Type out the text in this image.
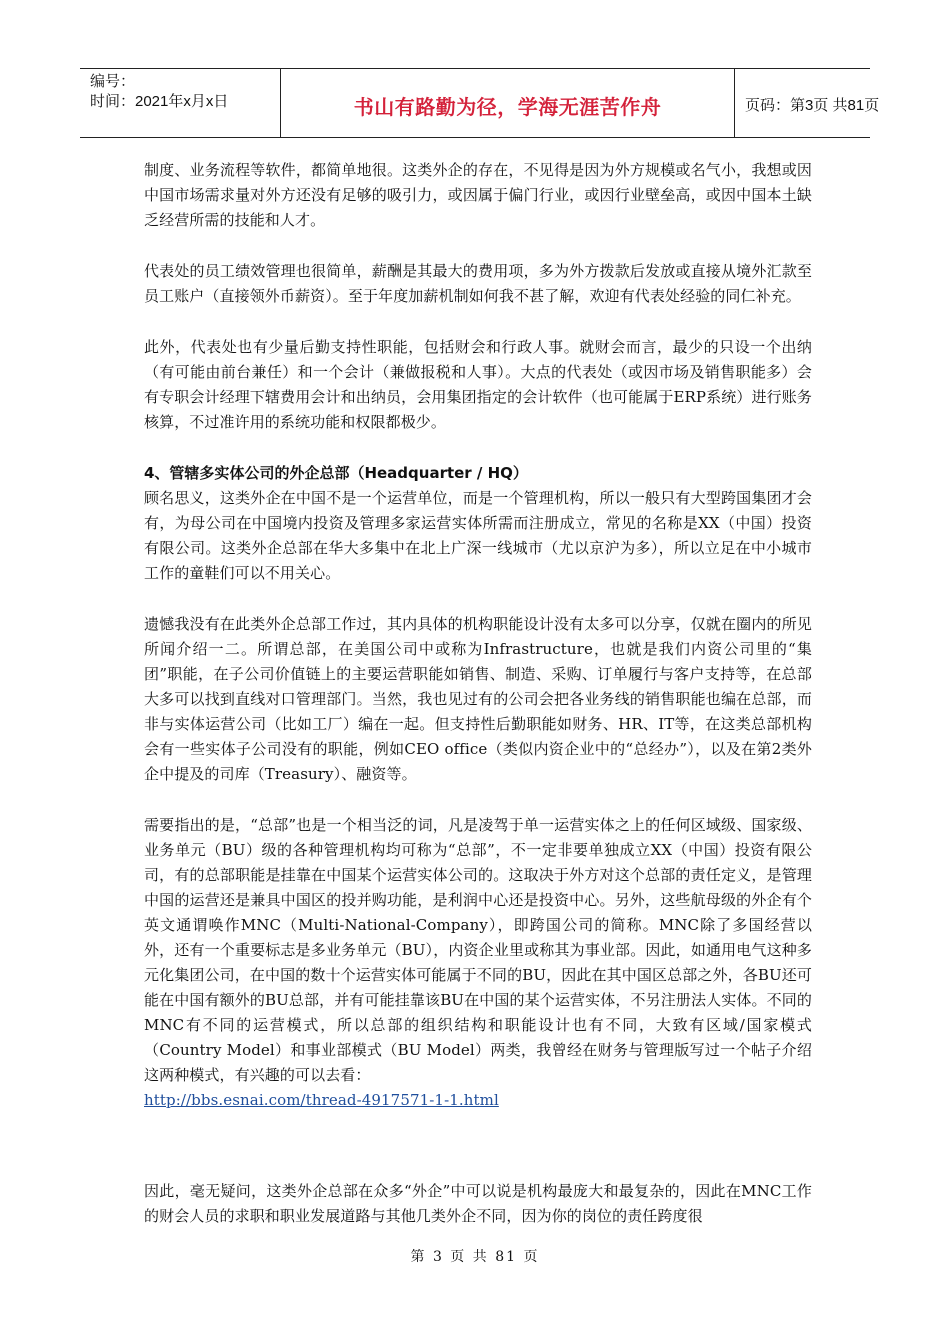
编号：
时间：2021年x月x日	书山有路勤为径，学海无涯苦作舟	页码：第3页 共81页

制度、业务流程等软件，都简单地很。这类外企的存在，不见得是因为外方规模或名气小，我想或因中国市场需求量对外方还没有足够的吸引力，或因属于偏门行业，或因行业壁垒高，或因中国本土缺乏经营所需的技能和人才。

代表处的员工绩效管理也很简单，薪酬是其最大的费用项，多为外方拨款后发放或直接从境外汇款至员工账户（直接领外币薪资）。至于年度加薪机制如何我不甚了解，欢迎有代表处经验的同仁补充。

此外，代表处也有少量后勤支持性职能，包括财会和行政人事。就财会而言，最少的只设一个出纳（有可能由前台兼任）和一个会计（兼做报税和人事）。大点的代表处（或因市场及销售职能多）会有专职会计经理下辖费用会计和出纳员，会用集团指定的会计软件（也可能属于ERP系统）进行账务核算，不过准许用的系统功能和权限都极少。

4、管辖多实体公司的外企总部（Headquarter / HQ）

顾名思义，这类外企在中国不是一个运营单位，而是一个管理机构，所以一般只有大型跨国集团才会有，为母公司在中国境内投资及管理多家运营实体所需而注册成立，常见的名称是XX（中国）投资有限公司。这类外企总部在华大多集中在北上广深一线城市（尤以京沪为多），所以立足在中小城市工作的童鞋们可以不用关心。

遗憾我没有在此类外企总部工作过，其内具体的机构职能设计没有太多可以分享，仅就在圈内的所见所闻介绍一二。所谓总部，在美国公司中或称为Infrastructure，也就是我们内资公司里的“集团”职能，在子公司价值链上的主要运营职能如销售、制造、采购、订单履行与客户支持等，在总部大多可以找到直线对口管理部门。当然，我也见过有的公司会把各业务线的销售职能也编在总部，而非与实体运营公司（比如工厂）编在一起。但支持性后勤职能如财务、HR、IT等，在这类总部机构会有一些实体子公司没有的职能，例如CEO office（类似内资企业中的“总经办”），以及在第2类外企中提及的司库（Treasury）、融资等。

需要指出的是，“总部”也是一个相当泛的词，凡是凌驾于单一运营实体之上的任何区域级、国家级、业务单元（BU）级的各种管理机构均可称为“总部”，不一定非要单独成立XX（中国）投资有限公司，有的总部职能是挂靠在中国某个运营实体公司的。这取决于外方对这个总部的责任定义，是管理中国的运营还是兼具中国区的投并购功能，是利润中心还是投资中心。另外，这些航母级的外企有个英文通谓唤作MNC（Multi-National-Company），即跨国公司的简称。MNC除了多国经营以外，还有一个重要标志是多业务单元（BU），内资企业里或称其为事业部。因此，如通用电气这种多元化集团公司，在中国的数十个运营实体可能属于不同的BU，因此在其中国区总部之外，各BU还可能在中国有额外的BU总部，并有可能挂靠该BU在中国的某个运营实体，不另注册法人实体。不同的MNC有不同的运营模式，所以总部的组织结构和职能设计也有不同，大致有区域/国家模式（Country Model）和事业部模式（BU Model）两类，我曾经在财务与管理版写过一个帖子介绍这两种模式，有兴趣的可以去看：

http://bbs.esnai.com/thread-4917571-1-1.html

因此，毫无疑问，这类外企总部在众多“外企”中可以说是机构最庞大和最复杂的，因此在MNC工作的财会人员的求职和职业发展道路与其他几类外企不同，因为你的岗位的责任跨度很

第 3 页 共 81 页
